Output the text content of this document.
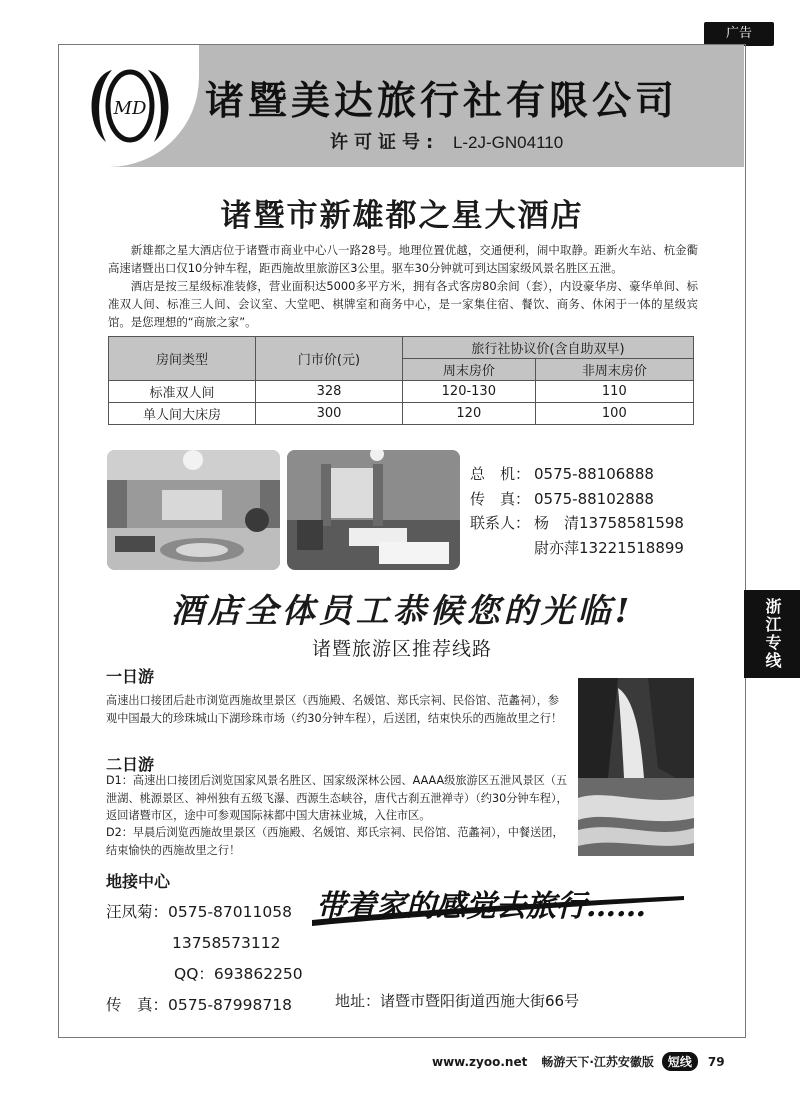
广告
MD 诸暨美达旅行社有限公司
许可证号: L-2J-GN04110
诸暨市新雄都之星大酒店

新雄都之星大酒店位于诸暨市商业中心八一路28号。地理位置优越，交通便利，闹中取静。距新火车站、杭金衢高速诸暨出口仅10分钟车程，距西施故里旅游区3公里。驱车30分钟就可到达国家级风景名胜区五泄。

酒店是按三星级标准装修，营业面积达5000多平方米，拥有各式客房80余间（套），内设豪华房、豪华单间、标准双人间、标准三人间、会议室、大堂吧、棋牌室和商务中心，是一家集住宿、餐饮、商务、休闲于一体的星级宾馆。是您理想的“商旅之家”。

房间类型	门市价(元)	旅行社协议价(含自助双早)	
		周末房价	非周末房价
标准双人间	328	120-130	110
单人间大床房	300	120	100
总　机： 0575-88106888
传　真： 0575-88102888
联系人： 杨　清13758581598
尉亦萍13221518899
酒店全体员工恭候您的光临!
诸暨旅游区推荐线路	浙江专线
一日游
高速出口接团后赴市浏览西施故里景区（西施殿、名媛馆、郑氏宗祠、民俗馆、范蠡祠），参观中国最大的珍珠城山下湖珍珠市场（约30分钟车程），后送团，结束快乐的西施故里之行！
二日游
D1：高速出口接团后浏览国家风景名胜区、国家级深林公园、AAAA级旅游区五泄风景区（五泄湖、桃源景区、神州独有五级飞瀑、西源生态峡谷，唐代古刹五泄禅寺）（约30分钟车程），返回诸暨市区，途中可参观国际袜都中国大唐袜业城，入住市区。
D2：早晨后浏览西施故里景区（西施殿、名媛馆、郑氏宗祠、民俗馆、范蠡祠），中餐送团，结束愉快的西施故里之行！
地接中心
汪凤菊：0575-87011058
13758573112
QQ：693862250
传　真：0575-87998718
带着家的感觉去旅行……
地址：诸暨市暨阳街道西施大街66号
www.zyoo.net 畅游天下·江苏安徽版	短线	79
